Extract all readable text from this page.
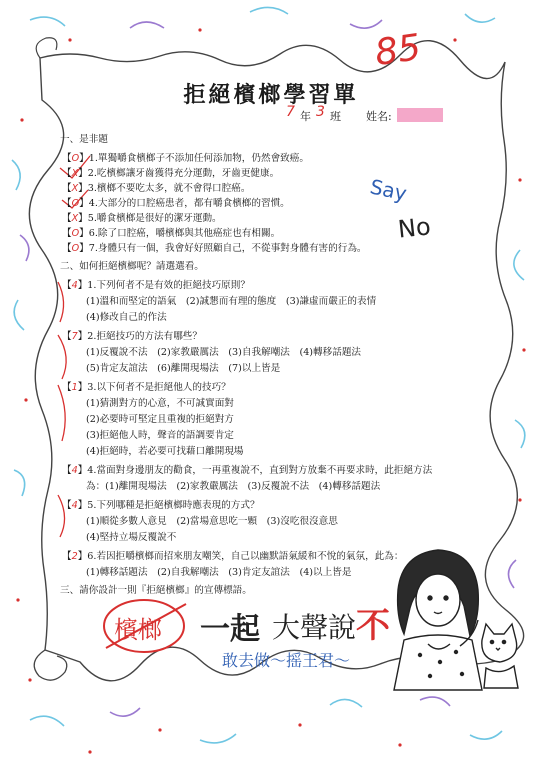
拒絕檳榔學習單
7 年 3 班 姓名:
85
Say
No
一、是非題
【O】1.單獨嚼食檳榔子不添加任何添加物，仍然會致癌。
【X】2.吃檳榔讓牙齒獲得充分運動，牙齒更健康。
【X】3.檳榔不要吃太多，就不會得口腔癌。
【O】4.大部分的口腔癌患者，都有嚼食檳榔的習慣。
【X】5.嚼食檳榔是很好的潔牙運動。
【O】6.除了口腔癌，嚼檳榔與其他癌症也有相關。
【O】7.身體只有一個，我會好好照顧自己，不從事對身體有害的行為。
二、如何拒絕檳榔呢？請選選看。
【4】1.下列何者不是有效的拒絕技巧原則？
(1)溫和而堅定的語氣　(2)誠懇而有理的態度　(3)謙虛而嚴正的表情
(4)修改自己的作法
【7】2.拒絕技巧的方法有哪些？
(1)反覆說不法　(2)家教嚴厲法　(3)自我解嘲法　(4)轉移話題法
(5)肯定友誼法　(6)離開現場法　(7)以上皆是
【1】3.以下何者不是拒絕他人的技巧？
(1)猜測對方的心意，不可誠實面對
(2)必要時可堅定且重複的拒絕對方
(3)拒絕他人時，聲音的語調要肯定
(4)拒絕時，若必要可找藉口離開現場
【4】4.當面對身邊朋友的勸食，一再重複說不，直到對方放棄不再要求時，此拒絕方法
為：(1)離開現場法　(2)家教嚴厲法　(3)反覆說不法　(4)轉移話題法
【4】5.下列哪種是拒絕檳榔時應表現的方式？
(1)順從多數人意見　(2)當場意思吃一顆　(3)沒吃很沒意思
(4)堅持立場反覆說不
【2】6.若因拒嚼檳榔而招來朋友嘲笑，自己以幽默語氣緩和不悅的氣氛，此為：
(1)轉移話題法　(2)自我解嘲法　(3)肯定友誼法　(4)以上皆是
三、請你設計一則『拒絕檳榔』的宣傳標語。
檳榔 一起 大聲說 不
敢去做～摇王君～
